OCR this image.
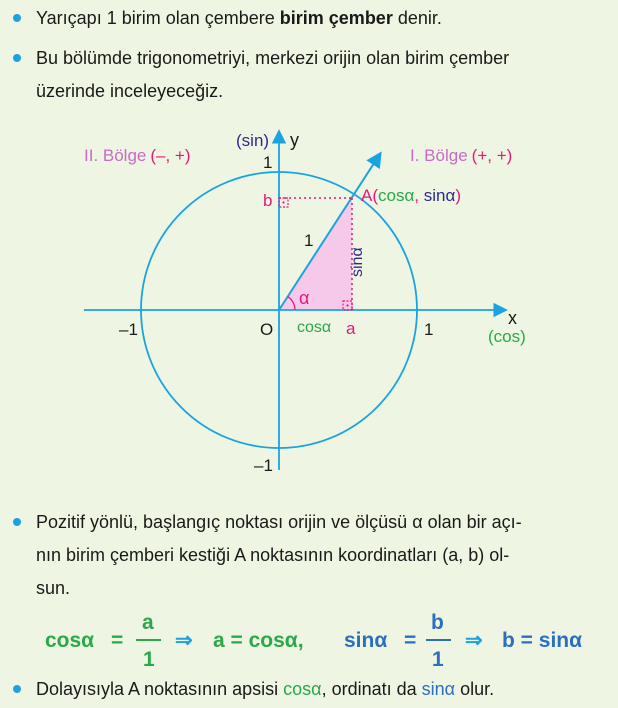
Yarıçapı 1 birim olan çembere birim çember denir.
Bu bölümde trigonometriyi, merkezi orijin olan birim çember
üzerinde inceleyeceğiz.
II. Bölge (–, +)	I. Bölge (+, +)
(sin) y
x
(cos)
1
–1
–1	1
O
b
a
A(cosα, sinα)
1
α
cosα
sinα
Pozitif yönlü, başlangıç noktası orijin ve ölçüsü α olan bir açı-
nın birim çemberi kestiği A noktasının koordinatları (a, b) ol-
sun.
cosα =
a
1
⇒ a = cosα, sinα =
b
1
⇒ b = sinα
Dolayısıyla A noktasının apsisi cosα, ordinatı da sinα olur.
